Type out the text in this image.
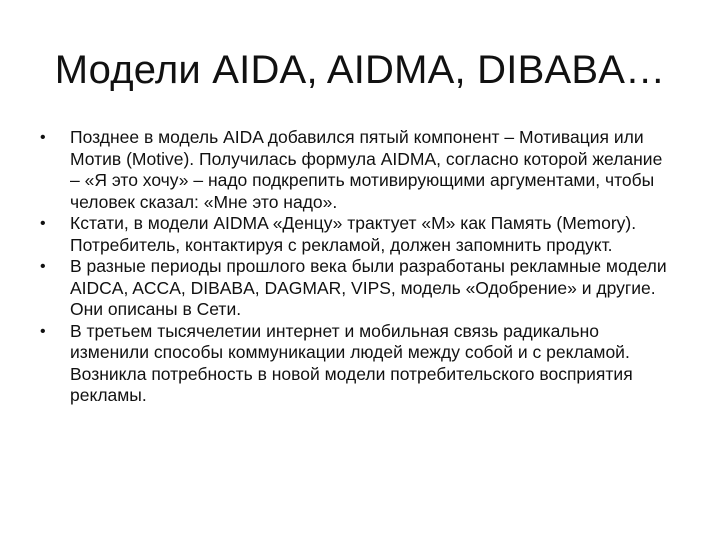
Модели AIDA, AIDMA, DIBABA…
• Позднее в модель AIDA добавился пятый компонент – Мотивация или Мотив (Motive). Получилась формула AIDMA, согласно которой желание – «Я это хочу» – надо подкрепить мотивирующими аргументами, чтобы человек сказал: «Мне это надо».
• Кстати, в модели AIDMA «Денцу» трактует «M» как Память (Memory). Потребитель, контактируя с рекламой, должен запомнить продукт.
• В разные периоды прошлого века были разработаны рекламные модели AIDCA, ACCA, DIBABA, DAGMAR, VIPS, модель «Одобрение» и другие. Они описаны в Сети.
• В третьем тысячелетии интернет и мобильная связь радикально изменили способы коммуникации людей между собой и с рекламой. Возникла потребность в новой модели потребительского восприятия рекламы.
